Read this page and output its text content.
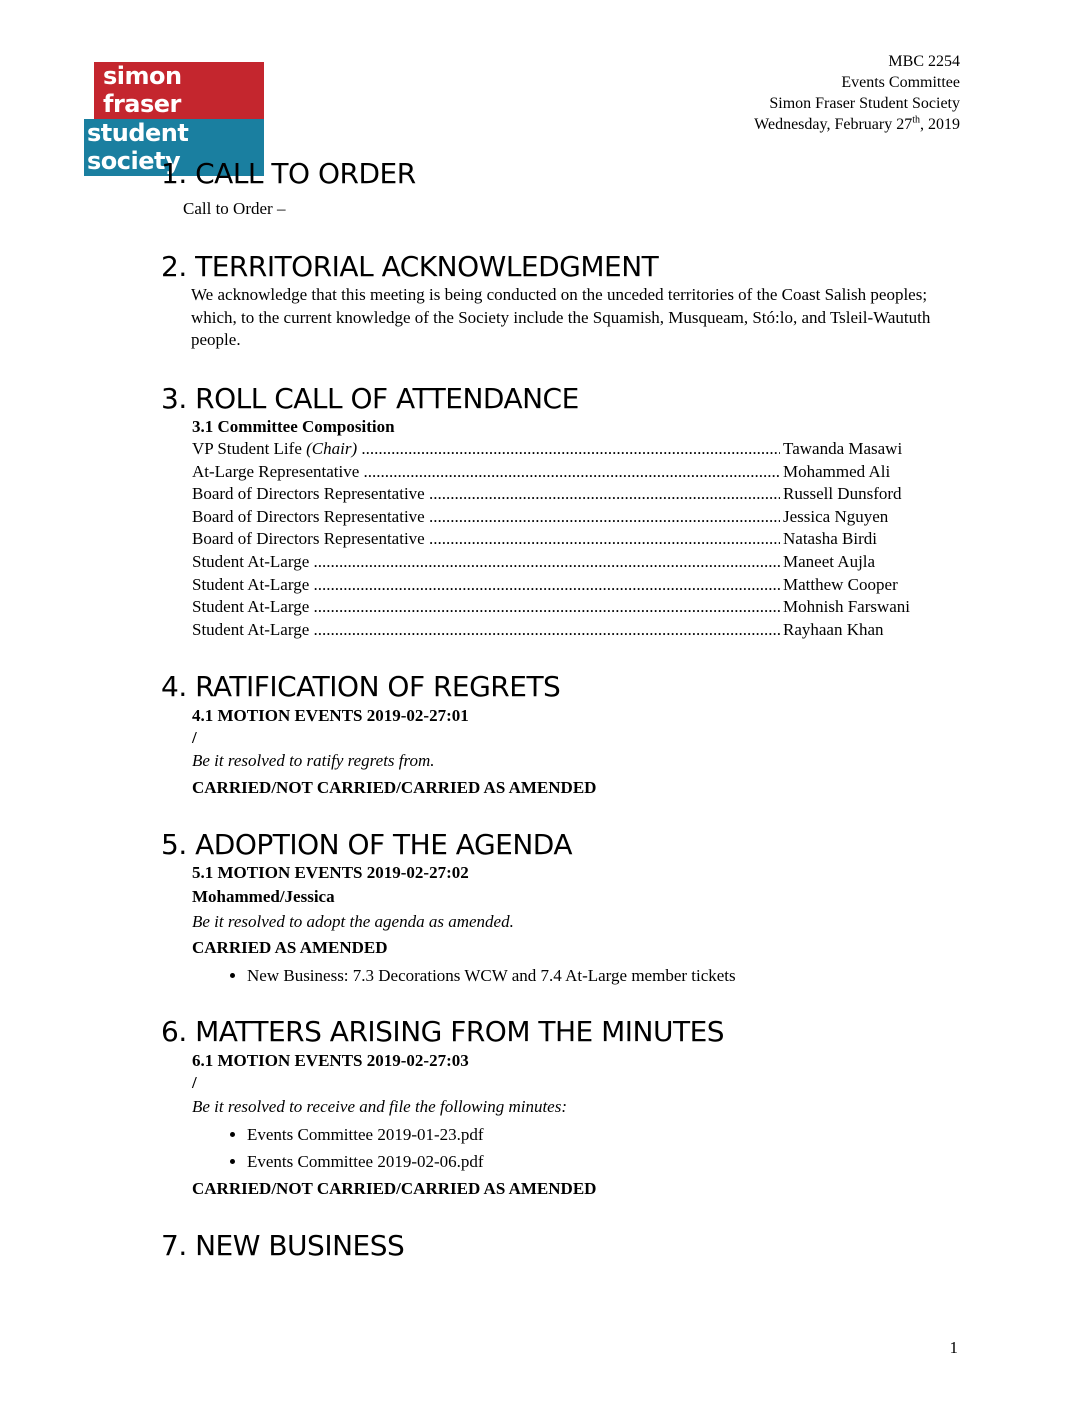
simon fraser
student society
MBC 2254
Events Committee
Simon Fraser Student Society
Wednesday, February 27th, 2019
1. CALL TO ORDER
Call to Order –
2. TERRITORIAL ACKNOWLEDGMENT
We acknowledge that this meeting is being conducted on the unceded territories of the Coast Salish peoples; which, to the current knowledge of the Society include the Squamish, Musqueam, Stó:lo, and Tsleil-Waututh people.
3. ROLL CALL OF ATTENDANCE
3.1 Committee Composition
VP Student Life (Chair) .....	Tawanda Masawi
At-Large Representative .....	Mohammed Ali
Board of Directors Representative .....	Russell Dunsford
Board of Directors Representative .....	Jessica Nguyen
Board of Directors Representative .....	Natasha Birdi
Student At-Large .....	Maneet Aujla
Student At-Large .....	Matthew Cooper
Student At-Large .....	Mohnish Farswani
Student At-Large .....	Rayhaan Khan
4. RATIFICATION OF REGRETS
4.1 MOTION EVENTS 2019-02-27:01
/
Be it resolved to ratify regrets from.
CARRIED/NOT CARRIED/CARRIED AS AMENDED
5. ADOPTION OF THE AGENDA
5.1 MOTION EVENTS 2019-02-27:02
Mohammed/Jessica
Be it resolved to adopt the agenda as amended.
CARRIED AS AMENDED
• New Business: 7.3 Decorations WCW and 7.4 At-Large member tickets
6. MATTERS ARISING FROM THE MINUTES
6.1 MOTION EVENTS 2019-02-27:03
/
Be it resolved to receive and file the following minutes:
• Events Committee 2019-01-23.pdf
• Events Committee 2019-02-06.pdf
CARRIED/NOT CARRIED/CARRIED AS AMENDED
7. NEW BUSINESS
1
